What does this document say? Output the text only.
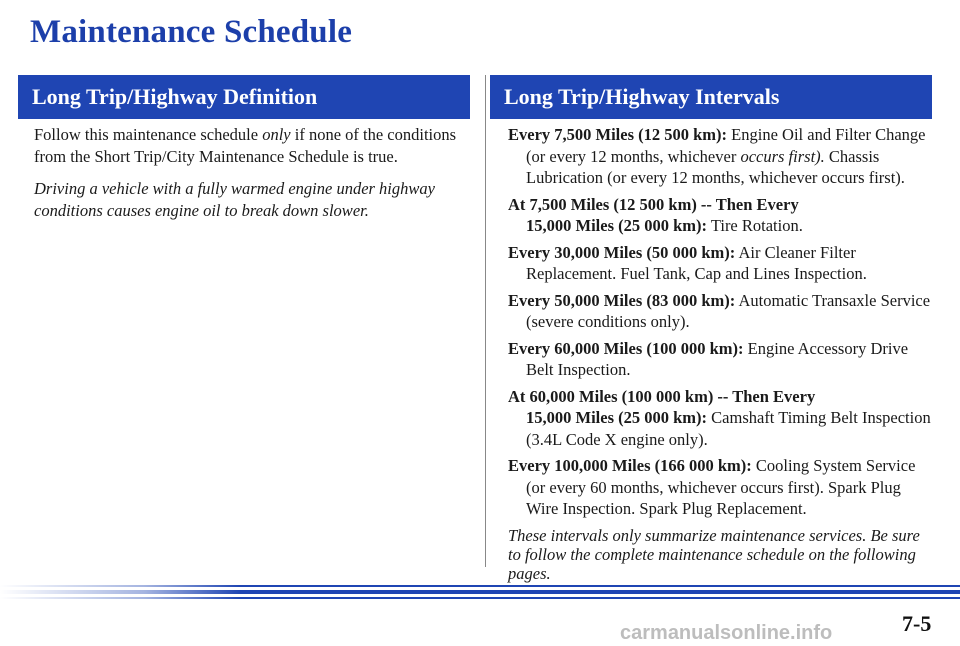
Maintenance Schedule
Long Trip/Highway Definition	Long Trip/Highway Intervals

Follow this maintenance schedule only if none of the conditions from the Short Trip/City Maintenance Schedule is true.

Driving a vehicle with a fully warmed engine under highway conditions causes engine oil to break down slower.

Every 7,500 Miles (12 500 km): Engine Oil and Filter Change (or every 12 months, whichever occurs first). Chassis Lubrication (or every 12 months, whichever occurs first).

At 7,500 Miles (12 500 km) -- Then Every
15,000 Miles (25 000 km): Tire Rotation.

Every 30,000 Miles (50 000 km): Air Cleaner Filter Replacement. Fuel Tank, Cap and Lines Inspection.

Every 50,000 Miles (83 000 km): Automatic Transaxle Service (severe conditions only).

Every 60,000 Miles (100 000 km): Engine Accessory Drive Belt Inspection.

At 60,000 Miles (100 000 km) -- Then Every
15,000 Miles (25 000 km): Camshaft Timing Belt Inspection (3.4L Code X engine only).

Every 100,000 Miles (166 000 km): Cooling System Service (or every 60 months, whichever occurs first). Spark Plug Wire Inspection. Spark Plug Replacement.

These intervals only summarize maintenance services. Be sure to follow the complete maintenance schedule on the following pages.

7-5
carmanualsonline.info
